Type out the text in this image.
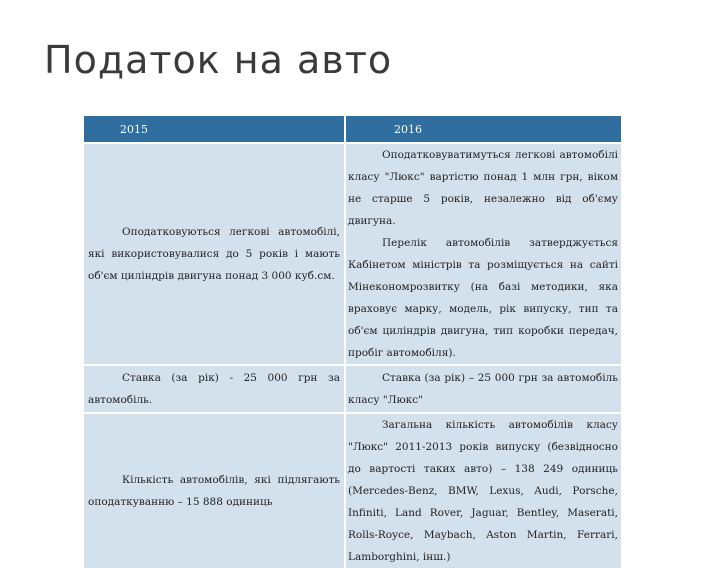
Податок на авто
2015	2016

Оподатковуються легкові автомобілі, які використовувалися до 5 років і мають об'єм циліндрів двигуна понад 3 000 куб.см.	Оподатковуватимуться легкові автомобілі класу "Люкс" вартістю понад 1 млн грн, віком не старше 5 років, незалежно від об'єму двигуна.

Перелік автомобілів затверджується Кабінетом міністрів та розміщується на сайті Мінекономрозвитку (на базі методики, яка враховує марку, модель, рік випуску, тип та об'єм циліндрів двигуна, тип коробки передач, пробіг автомобіля).

Ставка (за рік) - 25 000 грн за автомобіль.	Ставка (за рік) – 25 000 грн за автомобіль класу "Люкс"

Кількість автомобілів, які підлягають оподаткуванню – 15 888 одиниць	Загальна кількість автомобілів класу "Люкс" 2011-2013 років випуску (безвідносно до вартості таких авто) – 138 249 одиниць (Mercedes-Benz, BMW, Lexus, Audi, Porsche, Infiniti, Land Rover, Jaguar, Bentley, Maserati, Rolls-Royce, Maybach, Aston Martin, Ferrari, Lamborghini, інш.)
